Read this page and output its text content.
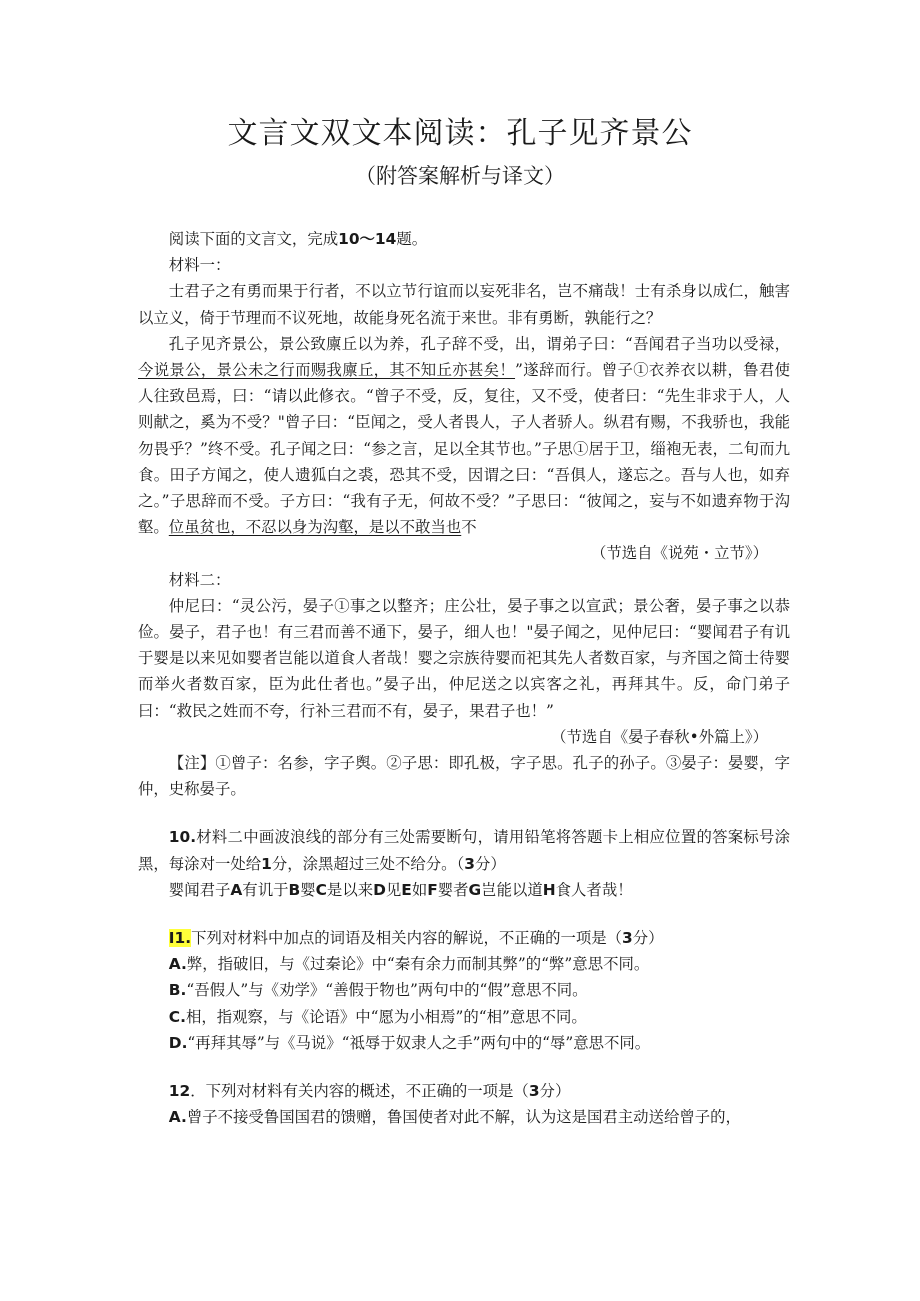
文言文双文本阅读：孔子见齐景公
（附答案解析与译文）

阅读下面的文言文，完成10〜14题。

材料一：

士君子之有勇而果于行者，不以立节行谊而以妄死非名，岂不痛哉！士有杀身以成仁，触害以立义，倚于节理而不议死地，故能身死名流于来世。非有勇断，孰能行之？

孔子见齐景公，景公致廪丘以为养，孔子辞不受，出，谓弟子曰：“吾闻君子当功以受禄，今说景公，景公未之行而赐我廪丘，其不知丘亦甚矣！”遂辞而行。曾子①衣养衣以耕，鲁君使人往致邑焉，曰：“请以此修衣。“曾子不受，反，复往，又不受，使者曰：“先生非求于人，人则献之，奚为不受？"曾子曰：“臣闻之，受人者畏人，子人者骄人。纵君有赐，不我骄也，我能勿畏乎？”终不受。孔子闻之曰：“参之言，足以全其节也。”子思①居于卫，缁袍无表，二旬而九食。田子方闻之，使人遗狐白之裘，恐其不受，因谓之曰：“吾俱人，遂忘之。吾与人也，如弃之。”子思辞而不受。子方曰：“我有子无，何故不受？”子思曰：“彼闻之，妄与不如遗弃物于沟壑。位虽贫也，不忍以身为沟壑，是以不敢当也不

（节选自《说苑・立节》）

材料二：

仲尼曰：“灵公污，晏子①事之以整齐；庄公壮，晏子事之以宣武；景公奢，晏子事之以恭俭。晏子，君子也！有三君而善不通下，晏子，细人也！"晏子闻之，见仲尼曰：“婴闻君子有讥于婴是以来见如婴者岂能以道食人者哉！婴之宗族待婴而祀其先人者数百家，与齐国之简士待婴而举火者数百家，臣为此仕者也。”晏子出，仲尼送之以宾客之礼，再拜其牛。反，命门弟子曰：“救民之姓而不夸，行补三君而不有，晏子，果君子也！”

（节选自《晏子春秋•外篇上》）

【注】①曾子：名参，字子舆。②子思：即孔极，字子思。孔子的孙子。③晏子：晏婴，字仲，史称晏子。

10.材料二中画波浪线的部分有三处需要断句，请用铅笔将答题卡上相应位置的答案标号涂黑，每涂对一处给1分，涂黑超过三处不给分。（3分）

婴闻君子A有讥于B婴C是以来D见E如F婴者G岂能以道H食人者哉！

I1.下列对材料中加点的词语及相关内容的解说，不正确的一项是（3分）

A.弊，指破旧，与《过秦论》中“秦有余力而制其弊”的“弊”意思不同。

B.“吾假人”与《劝学》“善假于物也”两句中的“假”意思不同。

C.相，指观察，与《论语》中“愿为小相焉”的“相”意思不同。

D.“再拜其辱”与《马说》“祗辱于奴隶人之手”两句中的“辱”意思不同。

12．下列对材料有关内容的概述，不正确的一项是（3分）

A.曾子不接受鲁国国君的馈赠，鲁国使者对此不解，认为这是国君主动送给曾子的，
